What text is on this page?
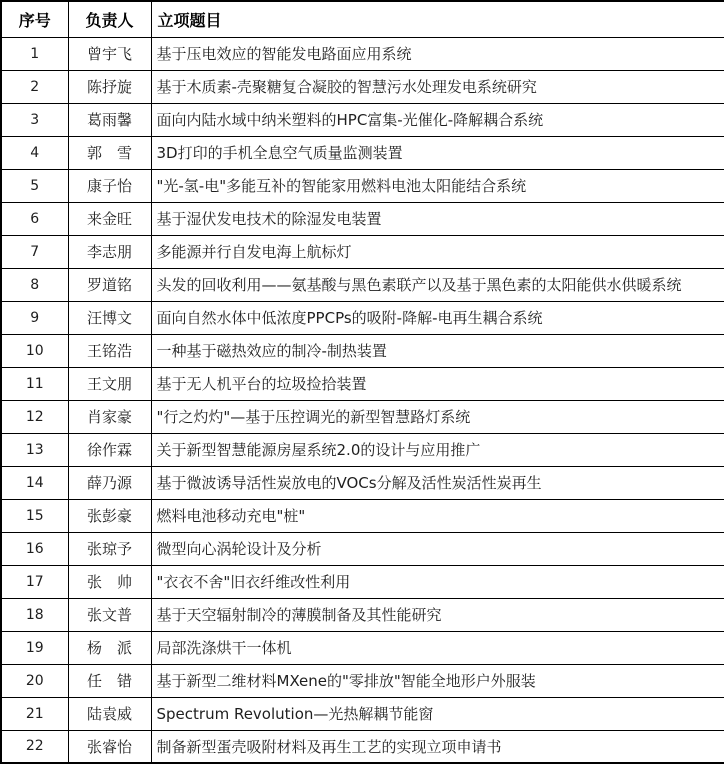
序号	负责人	立项题目
1	曾宇飞	基于压电效应的智能发电路面应用系统
2	陈抒旋	基于木质素-壳聚糖复合凝胶的智慧污水处理发电系统研究
3	葛雨馨	面向内陆水域中纳米塑料的HPC富集-光催化-降解耦合系统
4	郭　雪	3D打印的手机全息空气质量监测装置
5	康子怡	"光-氢-电"多能互补的智能家用燃料电池太阳能结合系统
6	来金旺	基于湿伏发电技术的除湿发电装置
7	李志朋	多能源并行自发电海上航标灯
8	罗道铭	头发的回收利用——氨基酸与黑色素联产以及基于黑色素的太阳能供水供暖系统
9	汪博文	面向自然水体中低浓度PPCPs的吸附-降解-电再生耦合系统
10	王铭浩	一种基于磁热效应的制冷-制热装置
11	王文朋	基于无人机平台的垃圾捡拾装置
12	肖家豪	"行之灼灼"—基于压控调光的新型智慧路灯系统
13	徐作霖	关于新型智慧能源房屋系统2.0的设计与应用推广
14	薛乃源	基于微波诱导活性炭放电的VOCs分解及活性炭活性炭再生
15	张彭豪	燃料电池移动充电"桩"
16	张琼予	微型向心涡轮设计及分析
17	张　帅	"衣衣不舍"旧衣纤维改性利用
18	张文普	基于天空辐射制冷的薄膜制备及其性能研究
19	杨　派	局部洗涤烘干一体机
20	任　错	基于新型二维材料MXene的"零排放"智能全地形户外服装
21	陆袁威	Spectrum Revolution—光热解耦节能窗
22	张睿怡	制备新型蛋壳吸附材料及再生工艺的实现立项申请书
